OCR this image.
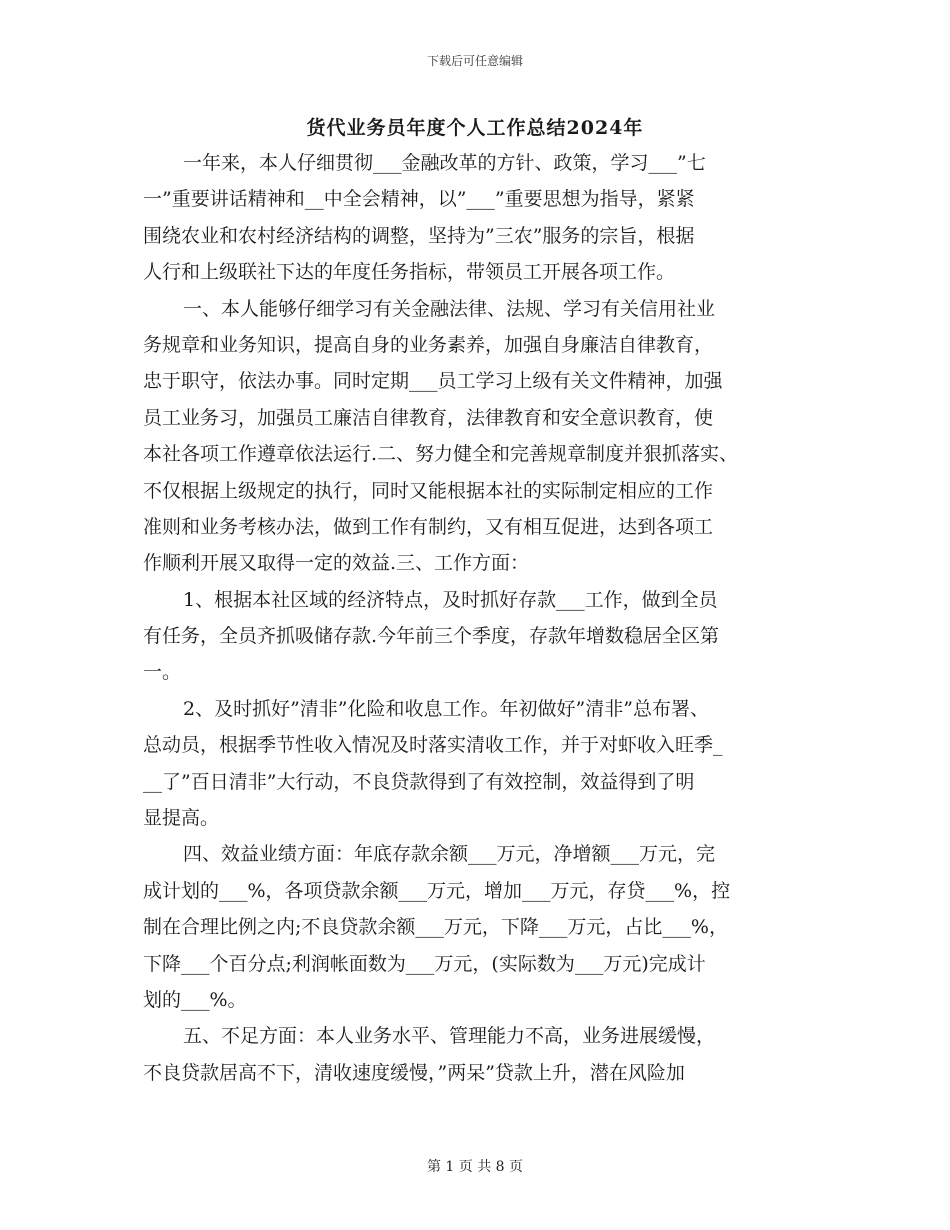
下载后可任意编辑
货代业务员年度个人工作总结2024年
一年来，本人仔细贯彻___金融改革的方针、政策，学习___”七
一”重要讲话精神和__中全会精神，以”___”重要思想为指导，紧紧
围绕农业和农村经济结构的调整，坚持为”三农”服务的宗旨，根据
人行和上级联社下达的年度任务指标，带领员工开展各项工作。
一、本人能够仔细学习有关金融法律、法规、学习有关信用社业
务规章和业务知识，提高自身的业务素养，加强自身廉洁自律教育，
忠于职守，依法办事。同时定期___员工学习上级有关文件精神，加强
员工业务习，加强员工廉洁自律教育，法律教育和安全意识教育，使
本社各项工作遵章依法运行.二、努力健全和完善规章制度并狠抓落实、
不仅根据上级规定的执行，同时又能根据本社的实际制定相应的工作
准则和业务考核办法，做到工作有制约，又有相互促进，达到各项工
作顺利开展又取得一定的效益.三、工作方面：
1、根据本社区域的经济特点，及时抓好存款___工作，做到全员
有任务，全员齐抓吸储存款.今年前三个季度，存款年增数稳居全区第
一。
2、及时抓好”清非”化险和收息工作。年初做好”清非”总布署、
总动员，根据季节性收入情况及时落实清收工作，并于对虾收入旺季_
__了”百日清非”大行动，不良贷款得到了有效控制，效益得到了明
显提高。
四、效益业绩方面：年底存款余额___万元，净增额___万元，完
成计划的___%，各项贷款余额___万元，增加___万元，存贷___%，控
制在合理比例之内;不良贷款余额___万元，下降___万元，占比___%，
下降___个百分点;利润帐面数为___万元，(实际数为___万元)完成计
划的___%。
五、不足方面：本人业务水平、管理能力不高，业务进展缓慢，
不良贷款居高不下，清收速度缓慢，”两呆”贷款上升，潜在风险加
第 1 页 共 8 页
